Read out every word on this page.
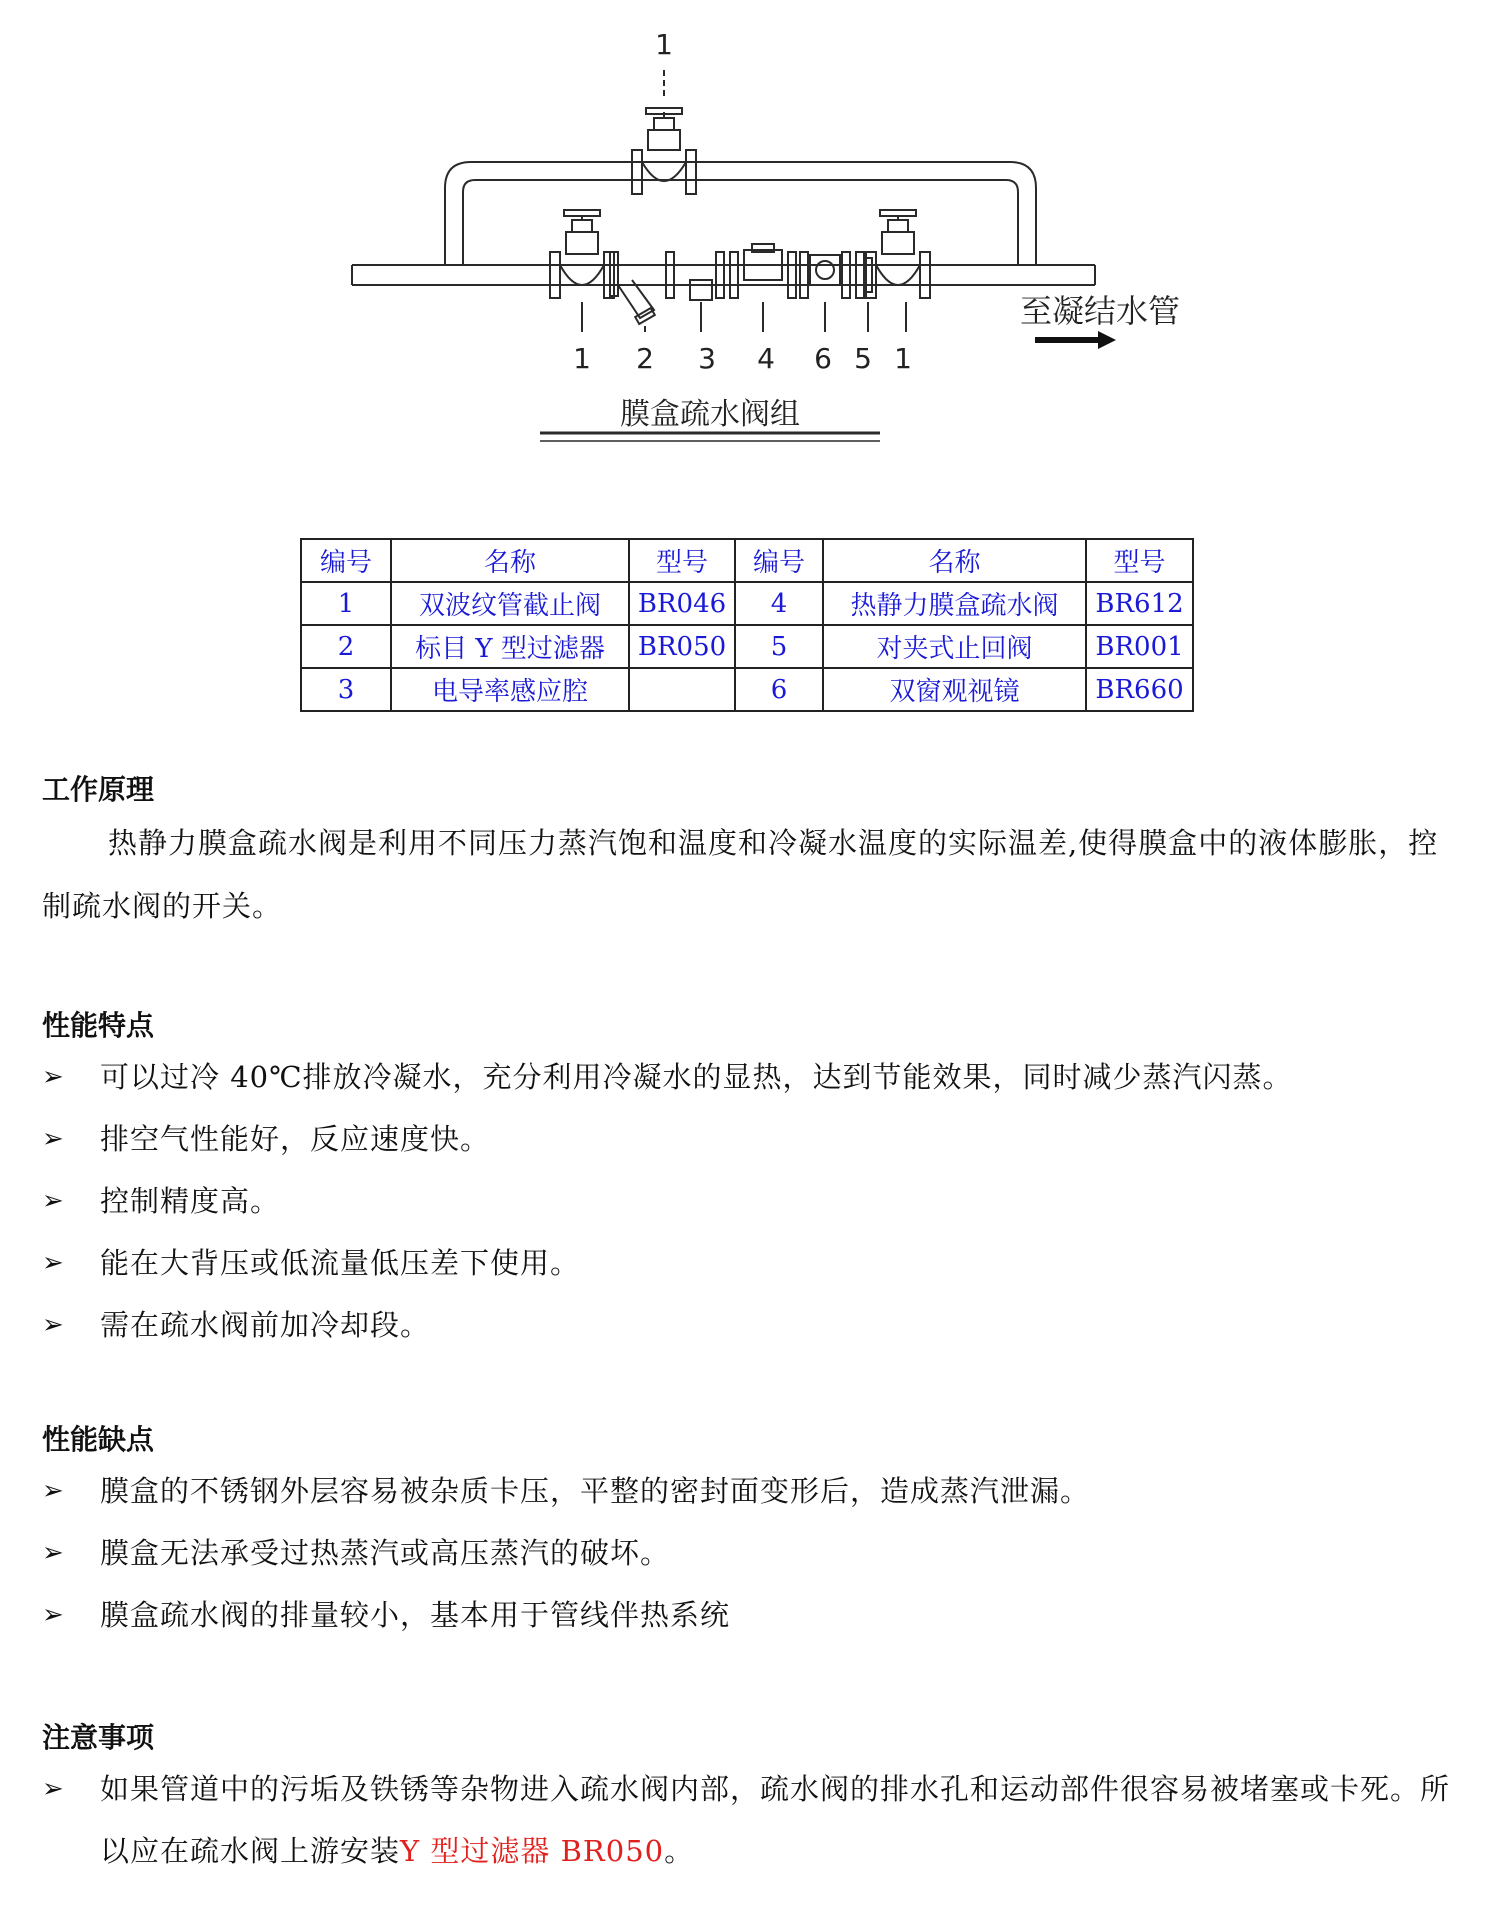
1
1 2 3 4 6 5 1
至凝结水管
膜盒疏水阀组
编号	名称	型号	编号	名称	型号
1	双波纹管截止阀	BR046	4	热静力膜盒疏水阀	BR612
2	标目 Y 型过滤器	BR050	5	对夹式止回阀	BR001
3	电导率感应腔		6	双窗观视镜	BR660
工作原理
热静力膜盒疏水阀是利用不同压力蒸汽饱和温度和冷凝水温度的实际温差,使得膜盒中的液体膨胀，控制疏水阀的开关。
性能特点
➢ 可以过冷 40℃排放冷凝水，充分利用冷凝水的显热，达到节能效果，同时减少蒸汽闪蒸。
➢ 排空气性能好，反应速度快。
➢ 控制精度高。
➢ 能在大背压或低流量低压差下使用。
➢ 需在疏水阀前加冷却段。
性能缺点
➢ 膜盒的不锈钢外层容易被杂质卡压，平整的密封面变形后，造成蒸汽泄漏。
➢ 膜盒无法承受过热蒸汽或高压蒸汽的破坏。
➢ 膜盒疏水阀的排量较小，基本用于管线伴热系统
注意事项
➢ 如果管道中的污垢及铁锈等杂物进入疏水阀内部，疏水阀的排水孔和运动部件很容易被堵塞或卡死。所以应在疏水阀上游安装Y 型过滤器 BR050。
